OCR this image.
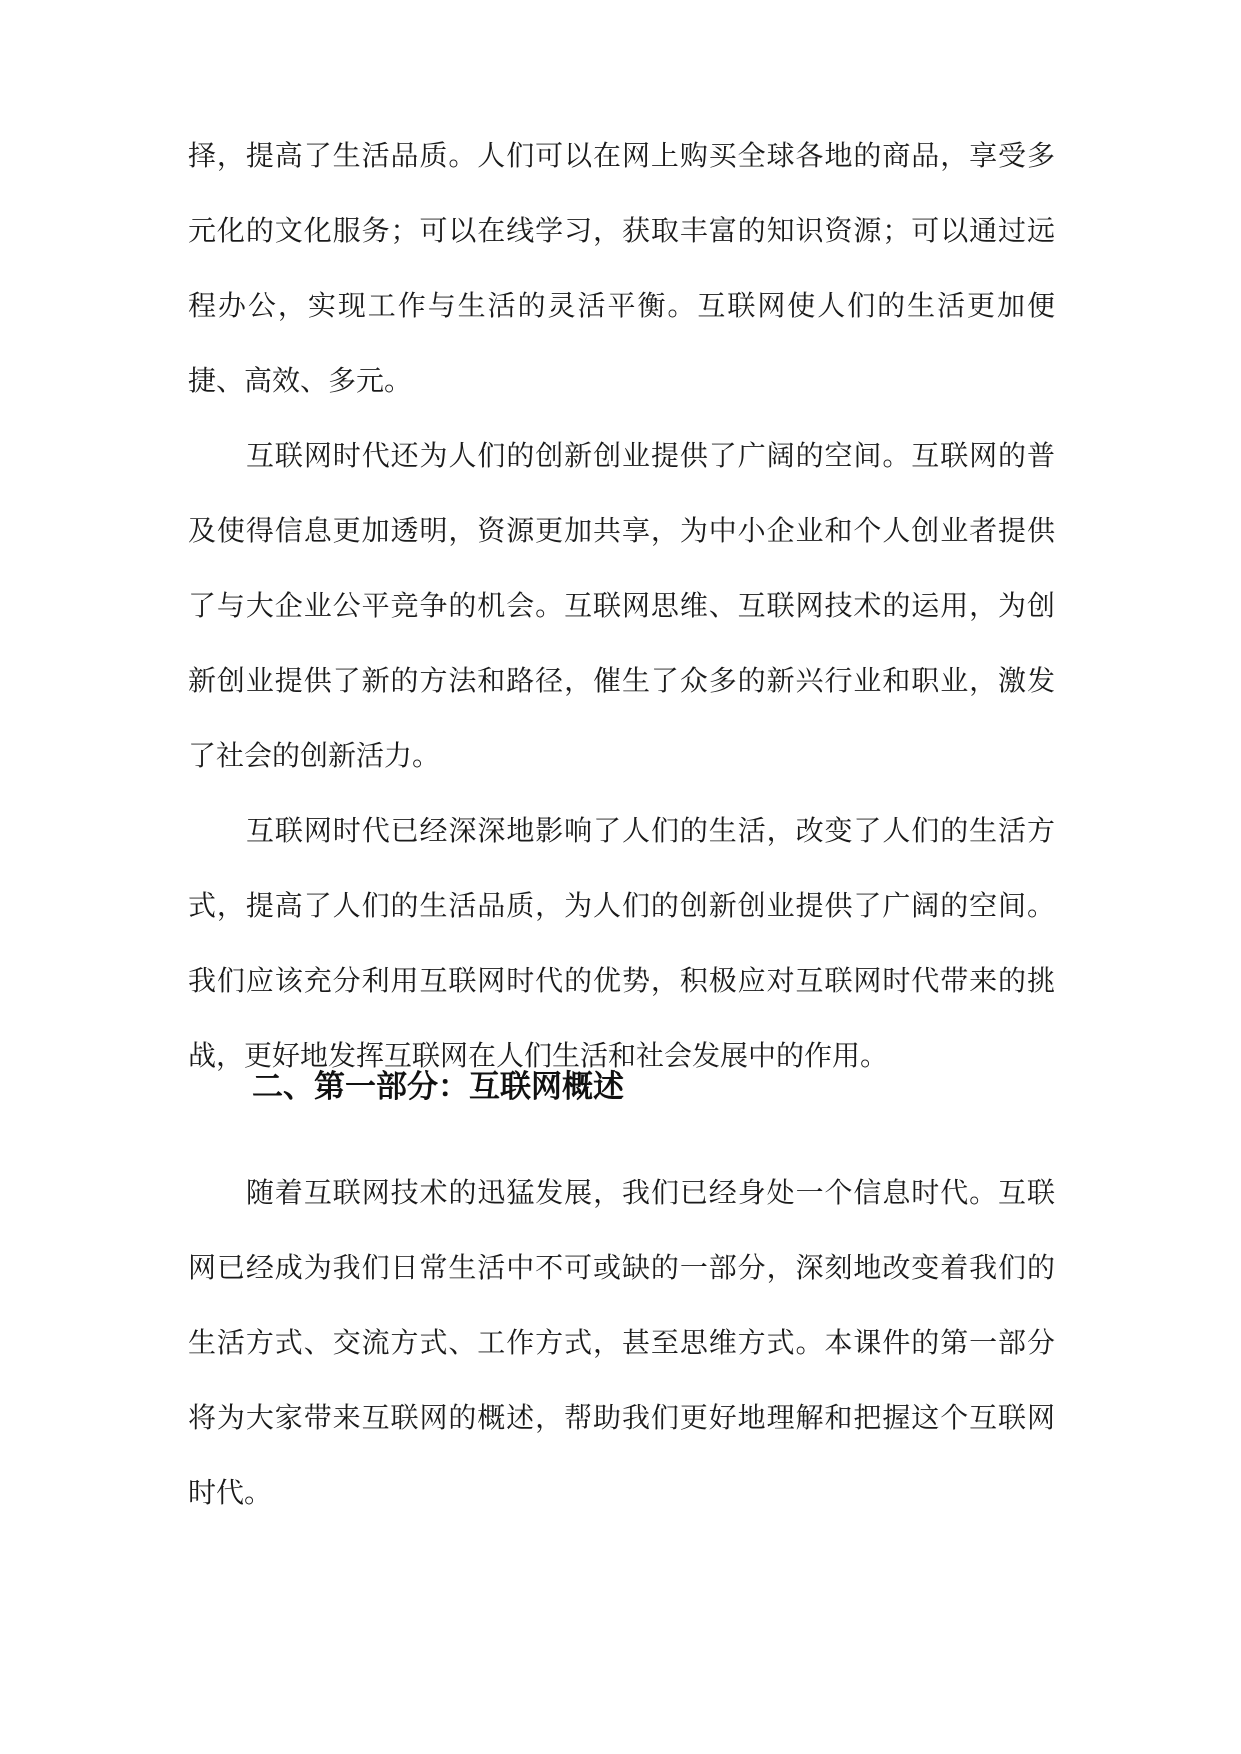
择，提高了生活品质。人们可以在网上购买全球各地的商品，享受多元化的文化服务；可以在线学习，获取丰富的知识资源；可以通过远程办公，实现工作与生活的灵活平衡。互联网使人们的生活更加便捷、高效、多元。

互联网时代还为人们的创新创业提供了广阔的空间。互联网的普及使得信息更加透明，资源更加共享，为中小企业和个人创业者提供了与大企业公平竞争的机会。互联网思维、互联网技术的运用，为创新创业提供了新的方法和路径，催生了众多的新兴行业和职业，激发了社会的创新活力。

互联网时代已经深深地影响了人们的生活，改变了人们的生活方式，提高了人们的生活品质，为人们的创新创业提供了广阔的空间。我们应该充分利用互联网时代的优势，积极应对互联网时代带来的挑战，更好地发挥互联网在人们生活和社会发展中的作用。

二、第一部分：互联网概述

随着互联网技术的迅猛发展，我们已经身处一个信息时代。互联网已经成为我们日常生活中不可或缺的一部分，深刻地改变着我们的生活方式、交流方式、工作方式，甚至思维方式。本课件的第一部分将为大家带来互联网的概述，帮助我们更好地理解和把握这个互联网时代。
